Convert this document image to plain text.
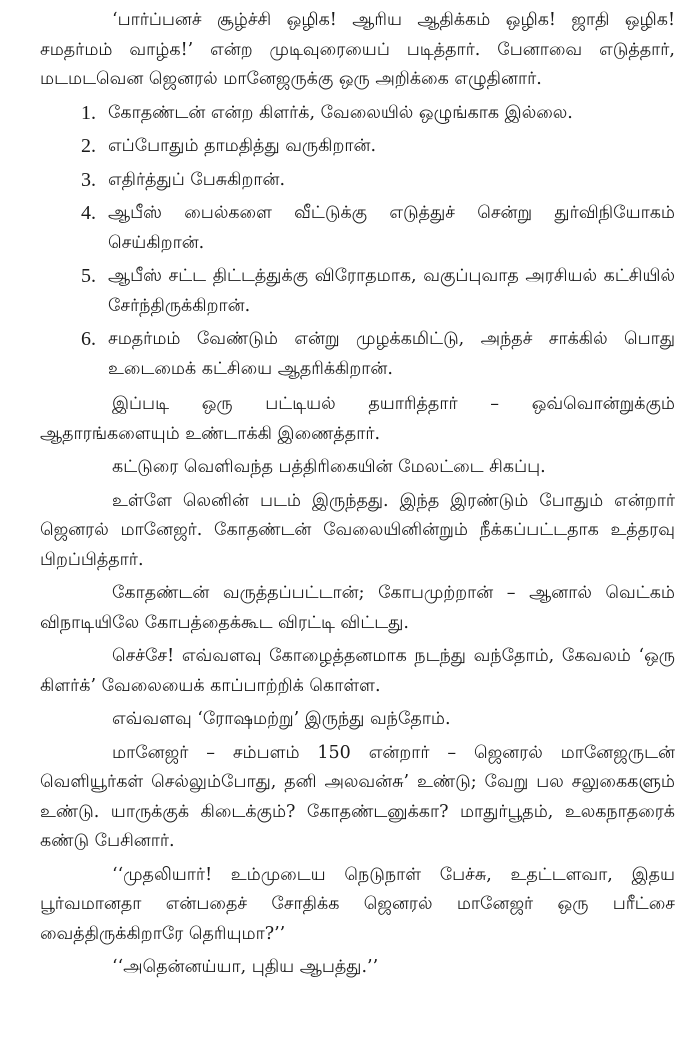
‘பார்ப்பனச் சூழ்ச்சி ஒழிக! ஆரிய ஆதிக்கம் ஒழிக! ஜாதி ஒழிக! சமதர்மம் வாழ்க!’ என்ற முடிவுரையைப் படித்தார். பேனாவை எடுத்தார், மடமடவென ஜெனரல் மானேஜருக்கு ஒரு அறிக்கை எழுதினார்.

1. கோதண்டன் என்ற கிளர்க், வேலையில் ஒழுங்காக இல்லை.
2. எப்போதும் தாமதித்து வருகிறான்.
3. எதிர்த்துப் பேசுகிறான்.
4. ஆபீஸ் பைல்களை வீட்டுக்கு எடுத்துச் சென்று துர்விநியோகம் செய்கிறான்.
5. ஆபீஸ் சட்ட திட்டத்துக்கு விரோதமாக, வகுப்புவாத அரசியல் கட்சியில் சேர்ந்திருக்கிறான்.
6. சமதர்மம் வேண்டும் என்று முழக்கமிட்டு, அந்தச் சாக்கில் பொது உடைமைக் கட்சியை ஆதரிக்கிறான்.

இப்படி ஒரு பட்டியல் தயாரித்தார் – ஒவ்வொன்றுக்கும் ஆதாரங்களையும் உண்டாக்கி இணைத்தார்.

கட்டுரை வெளிவந்த பத்திரிகையின் மேலட்டை சிகப்பு.

உள்ளே லெனின் படம் இருந்தது. இந்த இரண்டும் போதும் என்றார் ஜெனரல் மானேஜர். கோதண்டன் வேலையினின்றும் நீக்கப்பட்டதாக உத்தரவு பிறப்பித்தார்.

கோதண்டன் வருத்தப்பட்டான்; கோபமுற்றான் – ஆனால் வெட்கம் விநாடியிலே கோபத்தைக்கூட விரட்டி விட்டது.

செச்சே! எவ்வளவு கோழைத்தனமாக நடந்து வந்தோம், கேவலம் ‘ஒரு கிளர்க்’ வேலையைக் காப்பாற்றிக் கொள்ள.

எவ்வளவு ‘ரோஷமற்று’ இருந்து வந்தோம்.

மானேஜர் – சம்பளம் 150 என்றார் – ஜெனரல் மானேஜருடன் வெளியூர்கள் செல்லும்போது, தனி அலவன்சு’ உண்டு; வேறு பல சலுகைகளும் உண்டு. யாருக்குக் கிடைக்கும்? கோதண்டனுக்கா? மாதுர்பூதம், உலகநாதரைக் கண்டு பேசினார்.

‘‘முதலியார்! உம்முடைய நெடுநாள் பேச்சு, உதட்டளவா, இதய பூர்வமானதா என்பதைச் சோதிக்க ஜெனரல் மானேஜர் ஒரு பரீட்சை வைத்திருக்கிறாரே தெரியுமா?’’

‘‘அதென்னய்யா, புதிய ஆபத்து.’’
